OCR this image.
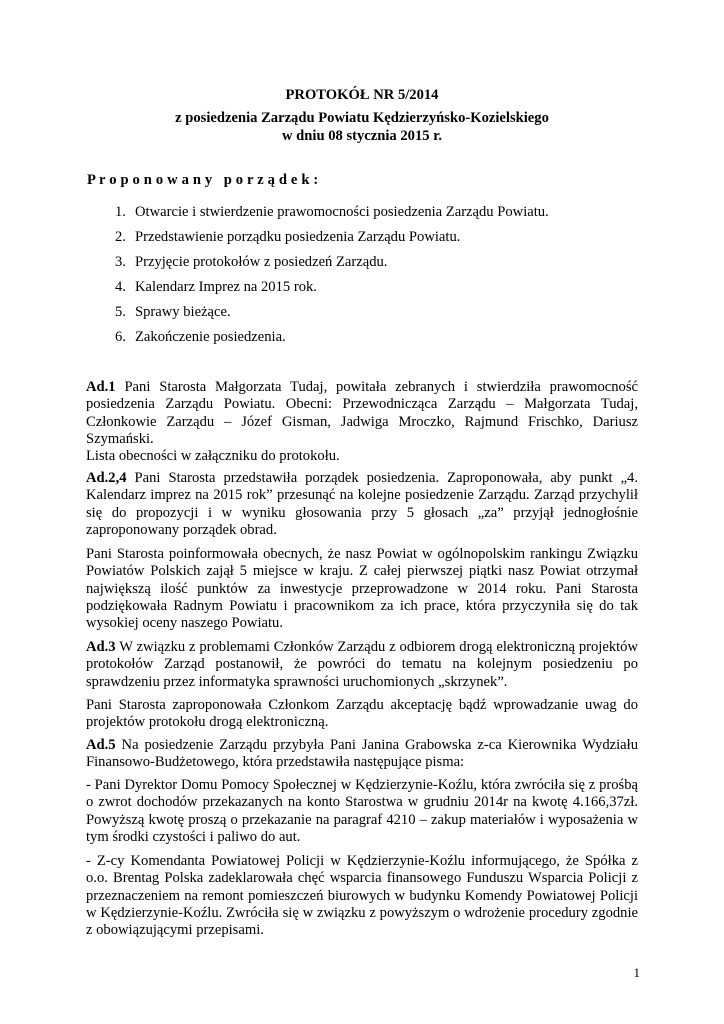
PROTOKÓŁ NR 5/2014
z posiedzenia Zarządu Powiatu Kędzierzyńsko-Kozielskiego
w dniu 08 stycznia 2015 r.
P r o p o n o w a n y   p o r z ą d e k :
1. Otwarcie i stwierdzenie prawomocności posiedzenia Zarządu Powiatu.
2. Przedstawienie porządku posiedzenia Zarządu Powiatu.
3. Przyjęcie protokołów z posiedzeń Zarządu.
4. Kalendarz Imprez na 2015 rok.
5. Sprawy bieżące.
6. Zakończenie posiedzenia.
Ad.1 Pani Starosta Małgorzata Tudaj, powitała zebranych i stwierdziła prawomocność posiedzenia Zarządu Powiatu. Obecni: Przewodnicząca Zarządu – Małgorzata Tudaj, Członkowie Zarządu – Józef Gisman, Jadwiga Mroczko, Rajmund Frischko, Dariusz Szymański.
Lista obecności w załączniku do protokołu.
Ad.2,4 Pani Starosta przedstawiła porządek posiedzenia. Zaproponowała, aby punkt „4. Kalendarz imprez na 2015 rok” przesunąć na kolejne posiedzenie Zarządu. Zarząd przychylił się do propozycji i w wyniku głosowania przy 5 głosach „za” przyjął jednogłośnie zaproponowany porządek obrad.
Pani Starosta poinformowała obecnych, że nasz Powiat w ogólnopolskim rankingu Związku Powiatów Polskich zajął 5 miejsce w kraju. Z całej pierwszej piątki nasz Powiat otrzymał największą ilość punktów za inwestycje przeprowadzone w 2014 roku. Pani Starosta podziękowała Radnym Powiatu i pracownikom za ich prace, która przyczyniła się do tak wysokiej oceny naszego Powiatu.
Ad.3 W związku z problemami Członków Zarządu z odbiorem drogą elektroniczną projektów protokołów Zarząd postanowił, że powróci do tematu na kolejnym posiedzeniu po sprawdzeniu przez informatyka sprawności uruchomionych „skrzynek”.
Pani Starosta zaproponowała Członkom Zarządu akceptację bądź wprowadzanie uwag do projektów protokołu drogą elektroniczną.
Ad.5 Na posiedzenie Zarządu przybyła Pani Janina Grabowska z-ca Kierownika Wydziału Finansowo-Budżetowego, która przedstawiła następujące pisma:
- Pani Dyrektor Domu Pomocy Społecznej w Kędzierzynie-Koźlu, która zwróciła się z prośbą o zwrot dochodów przekazanych na konto Starostwa w grudniu 2014r na kwotę 4.166,37zł. Powyższą kwotę proszą o przekazanie na paragraf 4210 – zakup materiałów i wyposażenia w tym środki czystości i paliwo do aut.
- Z-cy Komendanta Powiatowej Policji w Kędzierzynie-Koźlu informującego, że Spółka z o.o. Brentag Polska zadeklarowała chęć wsparcia finansowego Funduszu Wsparcia Policji z przeznaczeniem na remont pomieszczeń biurowych w budynku Komendy Powiatowej Policji w Kędzierzynie-Koźlu. Zwróciła się w związku z powyższym o wdrożenie procedury zgodnie z obowiązującymi przepisami.
1
